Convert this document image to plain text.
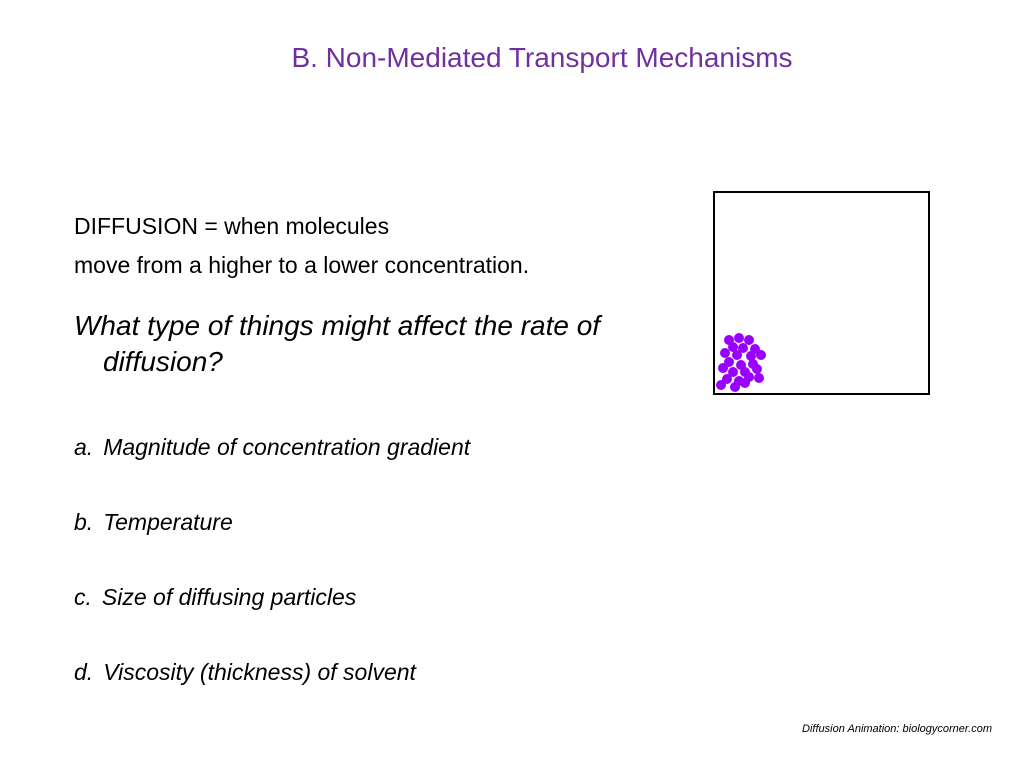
B. Non-Mediated Transport Mechanisms
DIFFUSION = when molecules
move from a higher to a lower concentration.
What type of things might affect the rate of diffusion?
a. Magnitude of concentration gradient
b. Temperature
c. Size of diffusing particles
d. Viscosity (thickness) of solvent
Diffusion Animation: biologycorner.com
